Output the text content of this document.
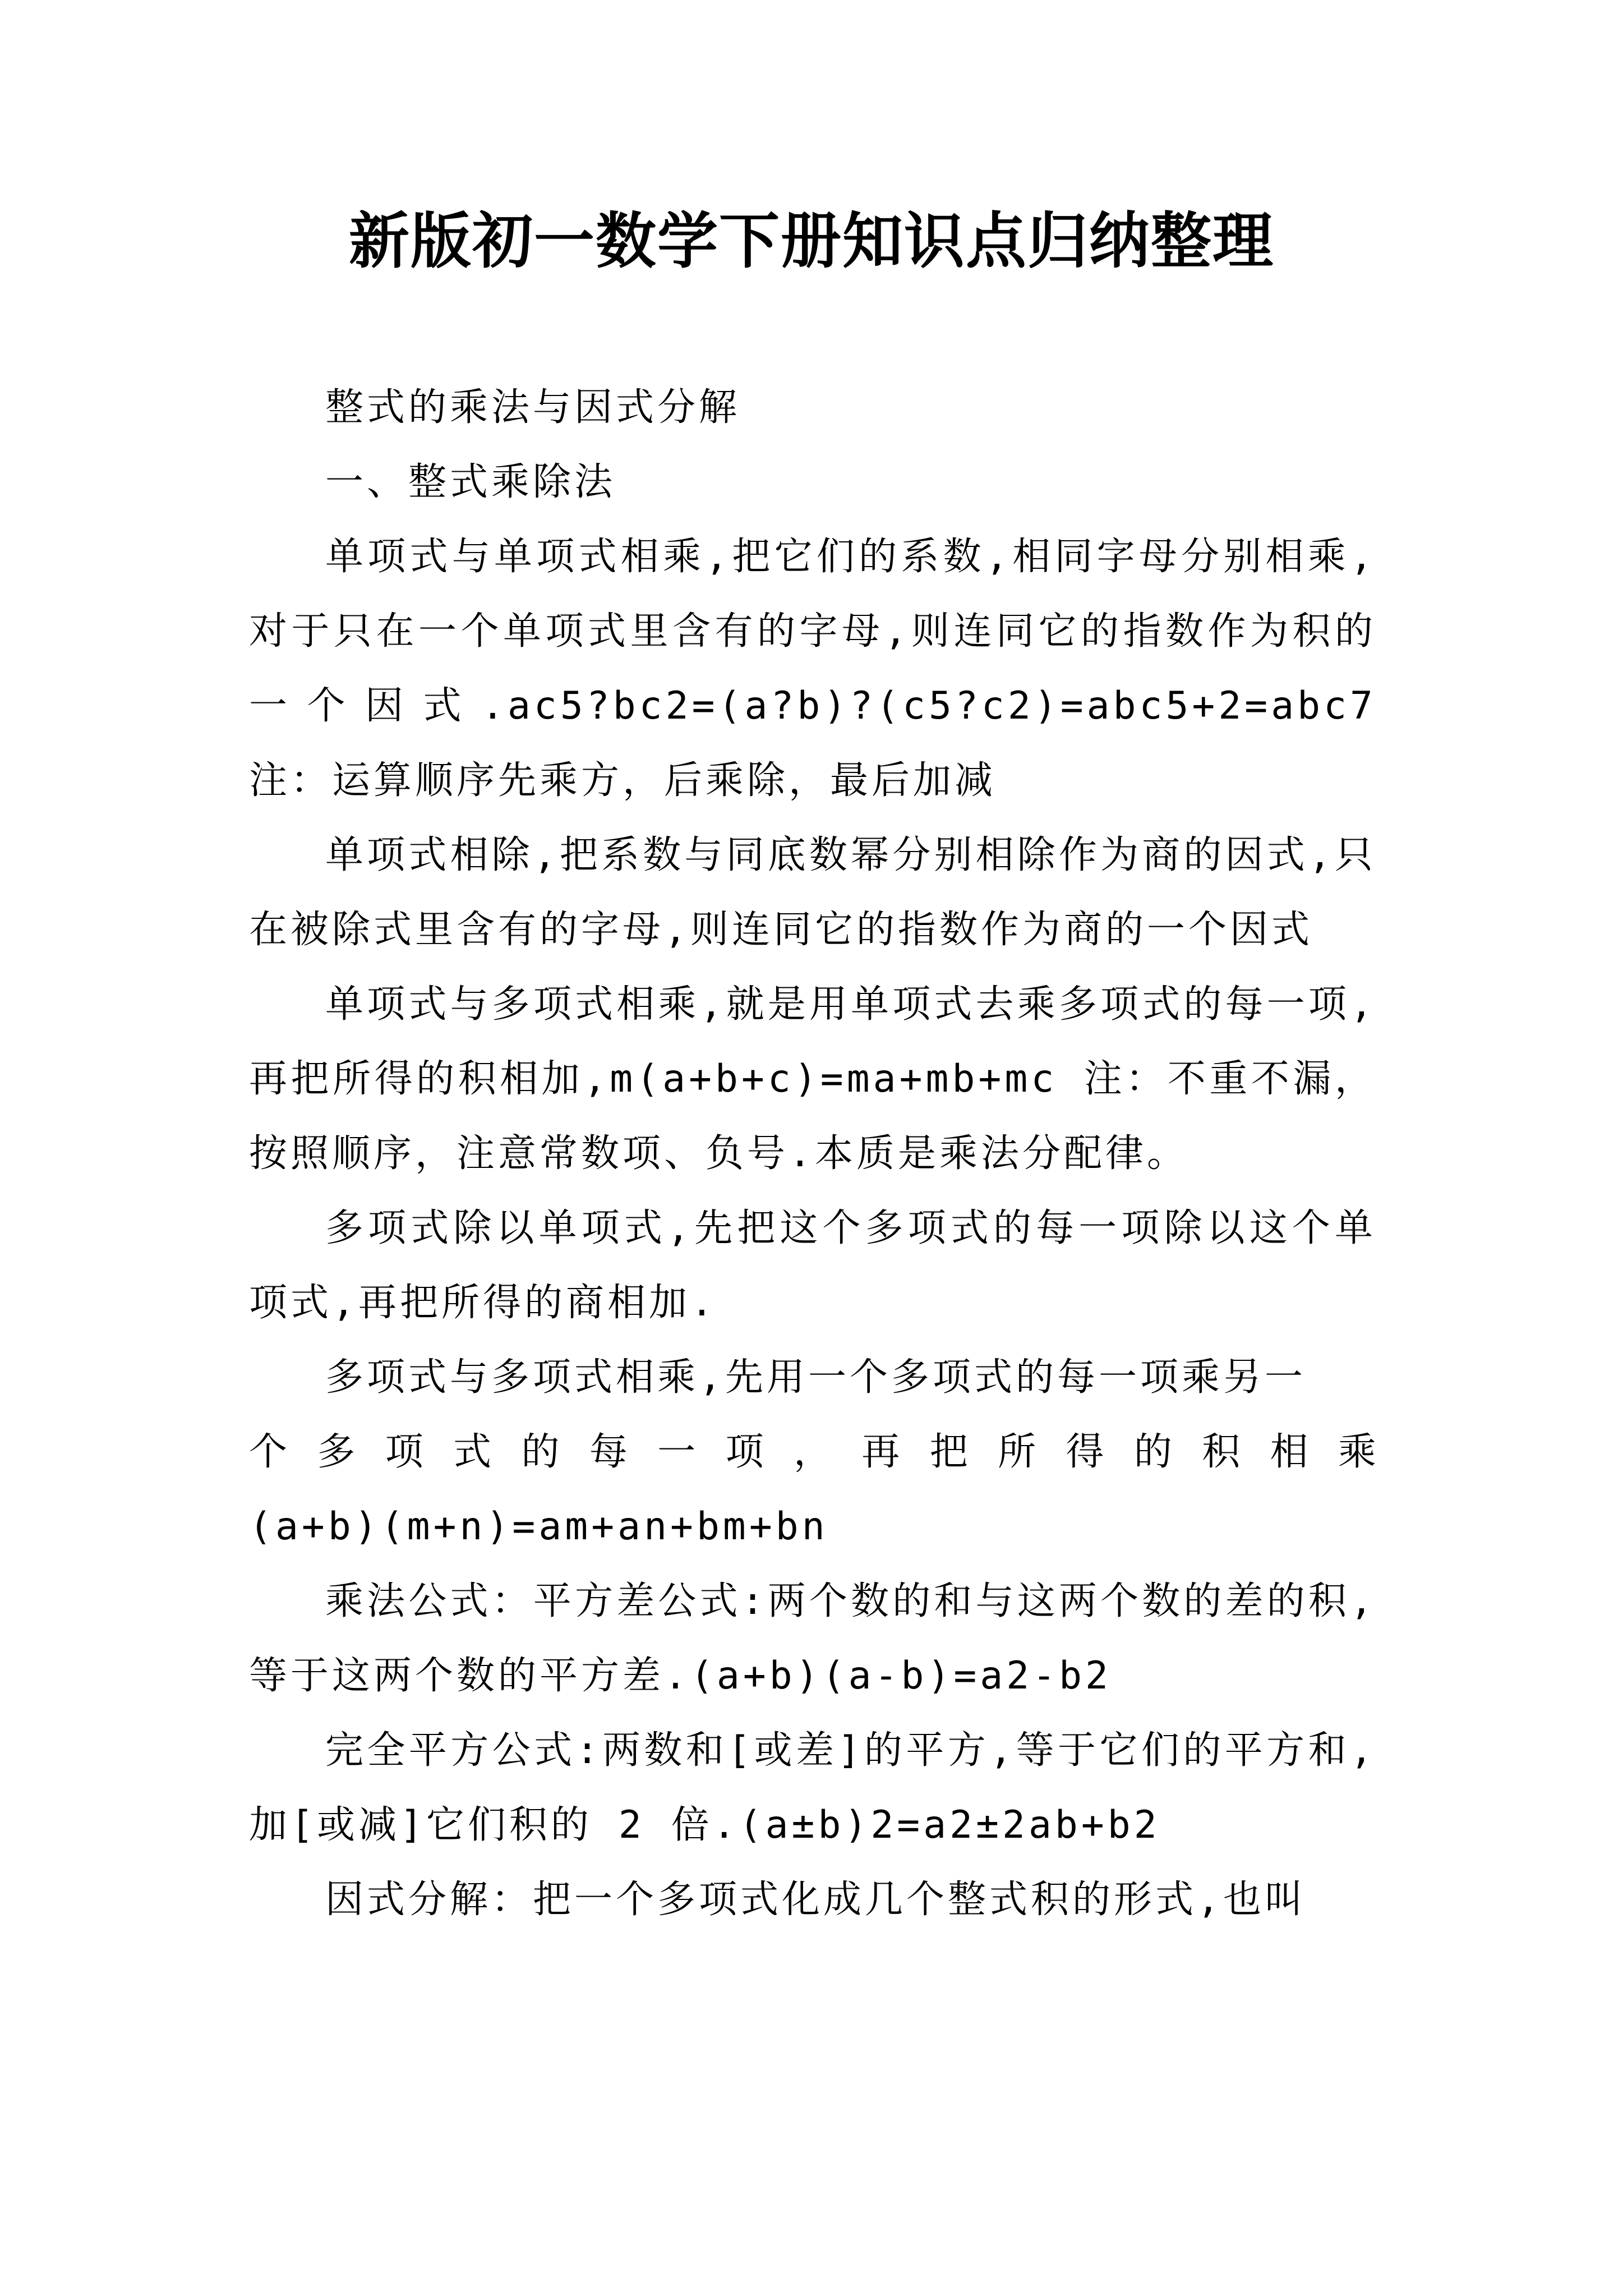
新版初一数学下册知识点归纳整理

整式的乘法与因式分解

一、整式乘除法

单项式与单项式相乘,把它们的系数,相同字母分别相乘,对于只在一个单项式里含有的字母,则连同它的指数作为积的一个因式.ac5?bc2=(a?b)?(c5?c2)=abc5+2=abc7 注：运算顺序先乘方，后乘除，最后加减

单项式相除,把系数与同底数幂分别相除作为商的因式,只在被除式里含有的字母,则连同它的指数作为商的一个因式

单项式与多项式相乘,就是用单项式去乘多项式的每一项,再把所得的积相加,m(a+b+c)=ma+mb+mc 注：不重不漏，按照顺序，注意常数项、负号.本质是乘法分配律。

多项式除以单项式,先把这个多项式的每一项除以这个单项式,再把所得的商相加.

多项式与多项式相乘,先用一个多项式的每一项乘另一

个多项式的每一项，再把所得的积相乘

(a+b)(m+n)=am+an+bm+bn

乘法公式：平方差公式:两个数的和与这两个数的差的积,等于这两个数的平方差.(a+b)(a-b)=a2-b2

完全平方公式:两数和[或差]的平方,等于它们的平方和,加[或减]它们积的 2 倍.(a±b)2=a2±2ab+b2

因式分解：把一个多项式化成几个整式积的形式,也叫
